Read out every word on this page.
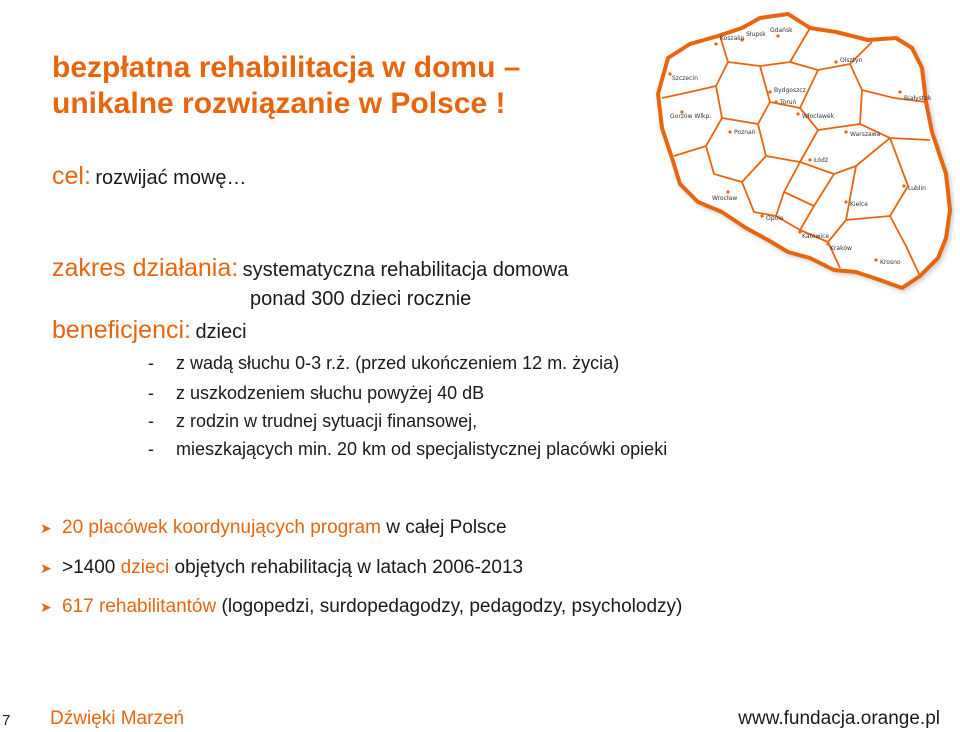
bezpłatna rehabilitacja w domu –
unikalne rozwiązanie w Polsce !
cel: rozwijać mowę…
zakres działania: systematyczna rehabilitacja domowa
ponad 300 dzieci rocznie
beneficjenci: dzieci
- z wadą słuchu 0-3 r.ż. (przed ukończeniem 12 m. życia)
- z uszkodzeniem słuchu powyżej 40 dB
- z rodzin w trudnej sytuacji finansowej,
- mieszkających min. 20 km od specjalistycznej placówki opieki
➤ 20 placówek koordynujących program w całej Polsce
➤ >1400 dzieci objętych rehabilitacją w latach 2006-2013
➤ 617 rehabilitantów (logopedzi, surdopedagodzy, pedagodzy, psycholodzy)
7 Dźwięki Marzeń	www.fundacja.orange.pl
Słupsk
Koszalin
Gdańsk
Olsztyn
Szczecin
Bydgoszcz
Toruń
Białystok
Gorzów Wlkp.	Włocławek
Poznań	Warszawa
Łódź
Wrocław
Lublin
Opole
Kielce
Katowice
Kraków
Krosno
